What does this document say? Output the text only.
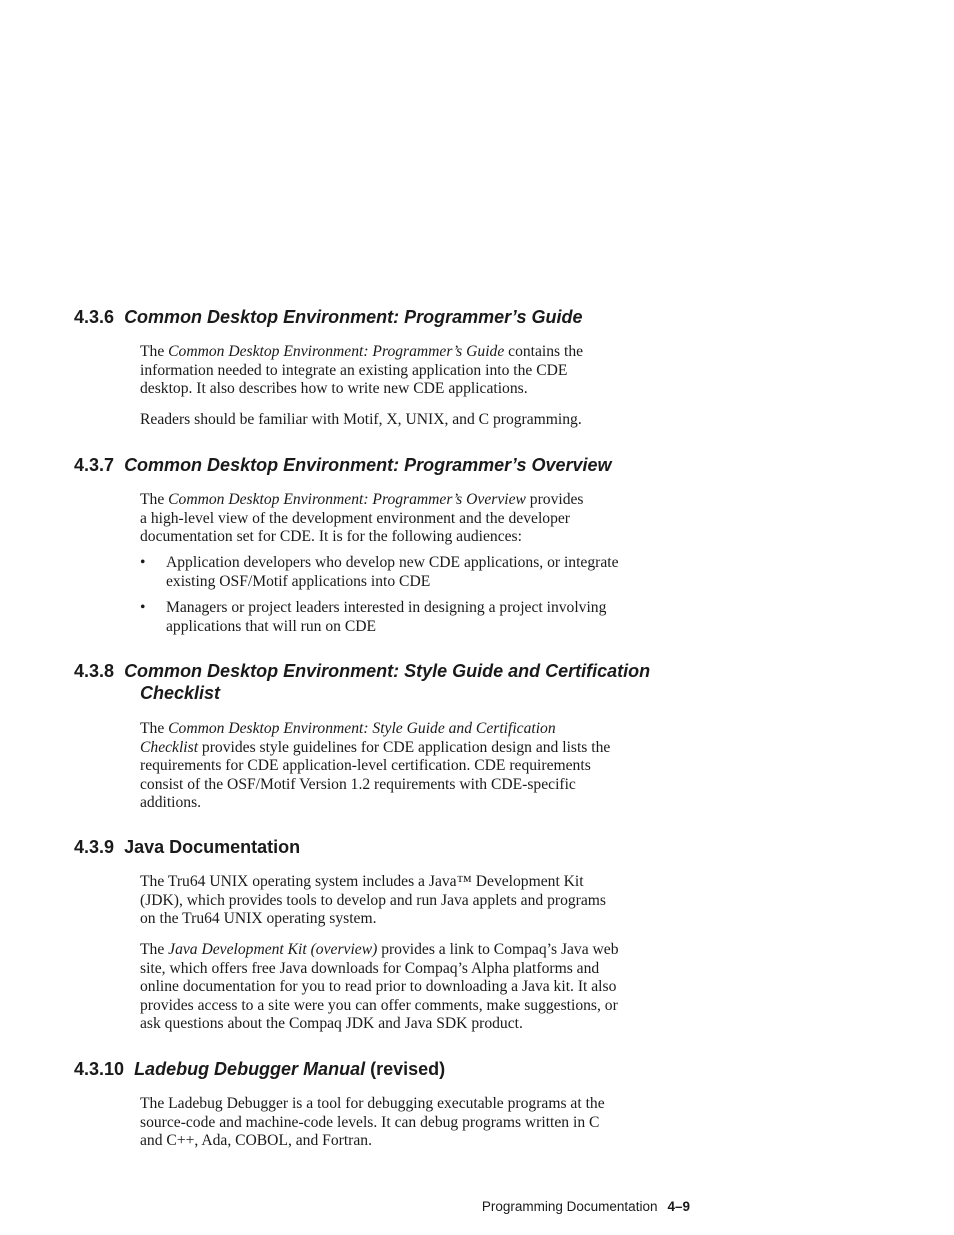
4.3.6 Common Desktop Environment: Programmer’s Guide

The Common Desktop Environment: Programmer’s Guide contains the
information needed to integrate an existing application into the CDE
desktop. It also describes how to write new CDE applications.

Readers should be familiar with Motif, X, UNIX, and C programming.

4.3.7 Common Desktop Environment: Programmer’s Overview

The Common Desktop Environment: Programmer’s Overview provides
a high-level view of the development environment and the developer
documentation set for CDE. It is for the following audiences:

•	Application developers who develop new CDE applications, or integrate
existing OSF/Motif applications into CDE
•	Managers or project leaders interested in designing a project involving
applications that will run on CDE
4.3.8 Common Desktop Environment: Style Guide and Certification
Checklist

The Common Desktop Environment: Style Guide and Certification
Checklist provides style guidelines for CDE application design and lists the
requirements for CDE application-level certification. CDE requirements
consist of the OSF/Motif Version 1.2 requirements with CDE-specific
additions.

4.3.9 Java Documentation

The Tru64 UNIX operating system includes a Java™ Development Kit
(JDK), which provides tools to develop and run Java applets and programs
on the Tru64 UNIX operating system.

The Java Development Kit (overview) provides a link to Compaq’s Java web
site, which offers free Java downloads for Compaq’s Alpha platforms and
online documentation for you to read prior to downloading a Java kit. It also
provides access to a site were you can offer comments, make suggestions, or
ask questions about the Compaq JDK and Java SDK product.

4.3.10 Ladebug Debugger Manual (revised)

The Ladebug Debugger is a tool for debugging executable programs at the
source-code and machine-code levels. It can debug programs written in C
and C++, Ada, COBOL, and Fortran.

Programming Documentation 4–9
